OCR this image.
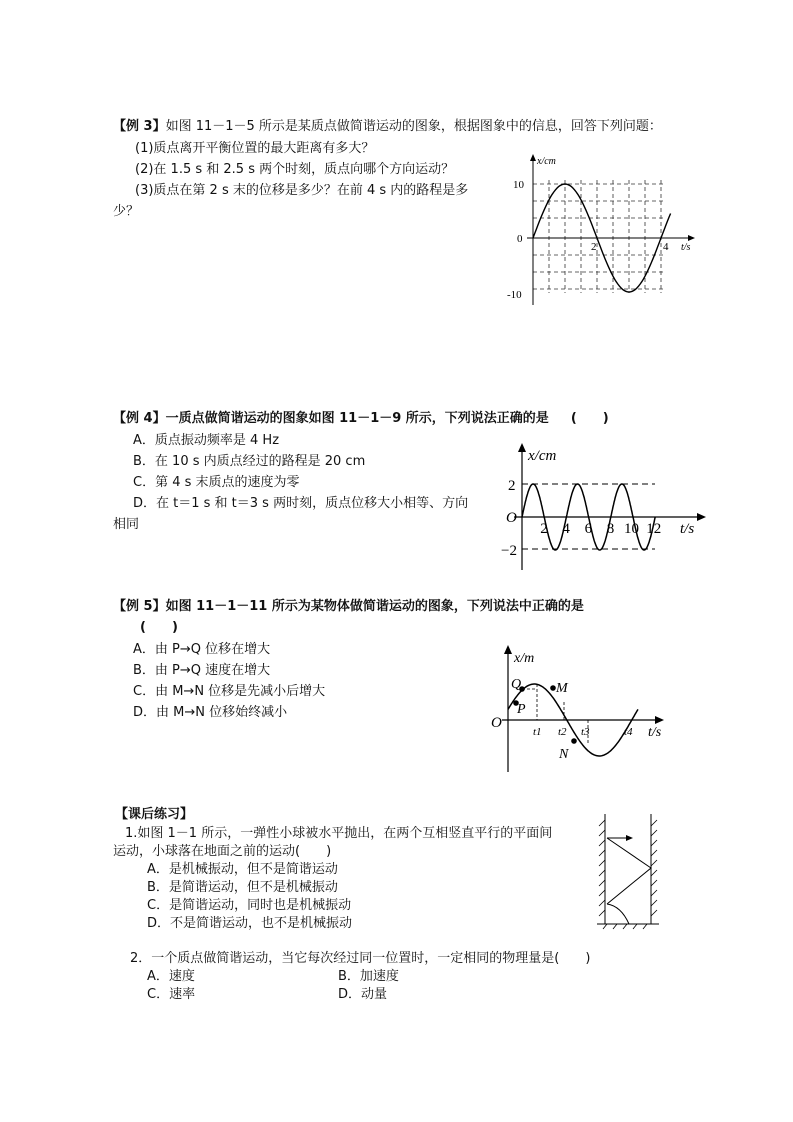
【例 3】如图 11－1－5 所示是某质点做简谐运动的图象，根据图象中的信息，回答下列问题：
(1)质点离开平衡位置的最大距离有多大？
(2)在 1.5 s 和 2.5 s 两个时刻，质点向哪个方向运动？
(3)质点在第 2 s 末的位移是多少？在前 4 s 内的路程是多
少？
x/cm
10
0
-10
2	4 t/s
【例 4】一质点做简谐运动的图象如图 11－1－9 所示，下列说法正确的是 (　　)
A．质点振动频率是 4 Hz
B．在 10 s 内质点经过的路程是 20 cm
C．第 4 s 末质点的速度为零
D．在 t＝1 s 和 t＝3 s 两时刻，质点位移大小相等、方向
相同
x/cm
2
O
−2
2 4 6 8 10 12 t/s
【例 5】如图 11－1－11 所示为某物体做简谐运动的图象，下列说法中正确的是
(　　)
A．由 P→Q 位移在增大
B．由 P→Q 速度在增大
C．由 M→N 位移是先减小后增大
D．由 M→N 位移始终减小
x/m
O
Q
P
M
N
t1 t2 t3	t4 t/s
【课后练习】
1.如图 1－1 所示，一弹性小球被水平抛出，在两个互相竖直平行的平面间
运动，小球落在地面之前的运动(　　)
A．是机械振动，但不是简谐运动
B．是简谐运动，但不是机械振动
C．是简谐运动，同时也是机械振动
D．不是简谐运动，也不是机械振动
2．一个质点做简谐运动，当它每次经过同一位置时，一定相同的物理量是(　　)
A．速度	B．加速度
C．速率	D．动量
